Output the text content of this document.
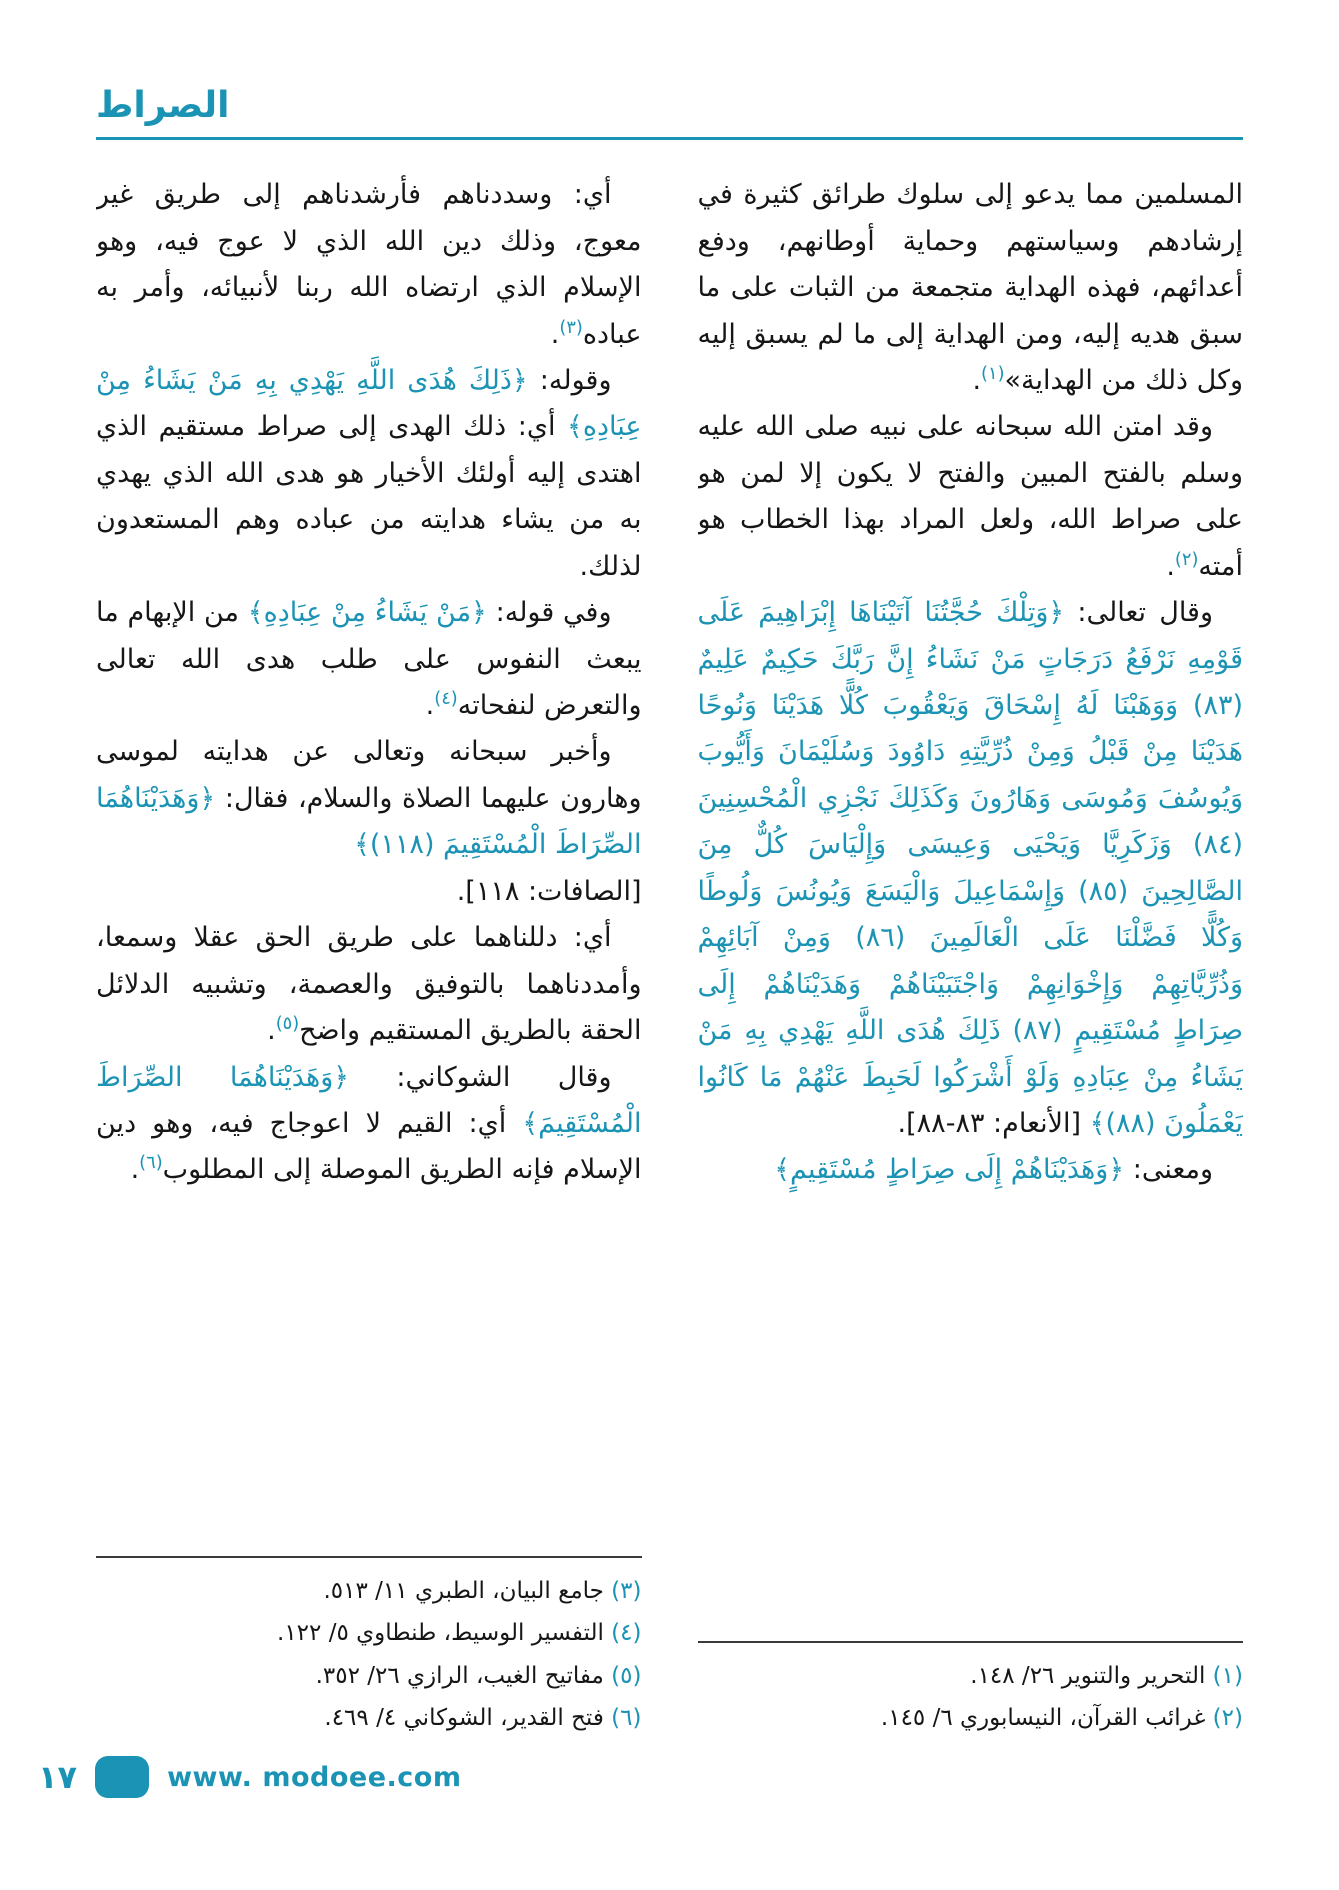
الصراط

المسلمين مما يدعو إلى سلوك طرائق كثيرة في إرشادهم وسياستهم وحماية أوطانهم، ودفع أعدائهم، فهذه الهداية متجمعة من الثبات على ما سبق هديه إليه، ومن الهداية إلى ما لم يسبق إليه وكل ذلك من الهداية»$^{(١)}$.

وقد امتن الله سبحانه على نبيه صلى الله عليه وسلم بالفتح المبين والفتح لا يكون إلا لمن هو على صراط الله، ولعل المراد بهذا الخطاب هو أمته$^{(٢)}$.

وقال تعالى: ﴿وَتِلْكَ حُجَّتُنَا آتَيْنَاهَا إِبْرَاهِيمَ عَلَى قَوْمِهِ نَرْفَعُ دَرَجَاتٍ مَنْ نَشَاءُ إِنَّ رَبَّكَ حَكِيمٌ عَلِيمٌ (٨٣) وَوَهَبْنَا لَهُ إِسْحَاقَ وَيَعْقُوبَ كُلًّا هَدَيْنَا وَنُوحًا هَدَيْنَا مِنْ قَبْلُ وَمِنْ ذُرِّيَّتِهِ دَاوُودَ وَسُلَيْمَانَ وَأَيُّوبَ وَيُوسُفَ وَمُوسَى وَهَارُونَ وَكَذَلِكَ نَجْزِي الْمُحْسِنِينَ (٨٤) وَزَكَرِيَّا وَيَحْيَى وَعِيسَى وَإِلْيَاسَ كُلٌّ مِنَ الصَّالِحِينَ (٨٥) وَإِسْمَاعِيلَ وَالْيَسَعَ وَيُونُسَ وَلُوطًا وَكُلًّا فَضَّلْنَا عَلَى الْعَالَمِينَ (٨٦) وَمِنْ آبَائِهِمْ وَذُرِّيَّاتِهِمْ وَإِخْوَانِهِمْ وَاجْتَبَيْنَاهُمْ وَهَدَيْنَاهُمْ إِلَى صِرَاطٍ مُسْتَقِيمٍ (٨٧) ذَلِكَ هُدَى اللَّهِ يَهْدِي بِهِ مَنْ يَشَاءُ مِنْ عِبَادِهِ وَلَوْ أَشْرَكُوا لَحَبِطَ عَنْهُمْ مَا كَانُوا يَعْمَلُونَ (٨٨)﴾ [الأنعام: ٨٣-٨٨].

ومعنى: ﴿وَهَدَيْنَاهُمْ إِلَى صِرَاطٍ مُسْتَقِيمٍ﴾

(١) التحرير والتنوير ٢٦/ ١٤٨.
(٢) غرائب القرآن، النيسابوري ٦/ ١٤٥.

أي: وسددناهم فأرشدناهم إلى طريق غير معوج، وذلك دين الله الذي لا عوج فيه، وهو الإسلام الذي ارتضاه الله ربنا لأنبيائه، وأمر به عباده$^{(٣)}$.

وقوله: ﴿ذَلِكَ هُدَى اللَّهِ يَهْدِي بِهِ مَنْ يَشَاءُ مِنْ عِبَادِهِ﴾ أي: ذلك الهدى إلى صراط مستقيم الذي اهتدى إليه أولئك الأخيار هو هدى الله الذي يهدي به من يشاء هدايته من عباده وهم المستعدون لذلك.

وفي قوله: ﴿مَنْ يَشَاءُ مِنْ عِبَادِهِ﴾ من الإبهام ما يبعث النفوس على طلب هدى الله تعالى والتعرض لنفحاته$^{(٤)}$.

وأخبر سبحانه وتعالى عن هدايته لموسى وهارون عليهما الصلاة والسلام، فقال: ﴿وَهَدَيْنَاهُمَا الصِّرَاطَ الْمُسْتَقِيمَ (١١٨)﴾

[الصافات: ١١٨].

أي: دللناهما على طريق الحق عقلا وسمعا، وأمددناهما بالتوفيق والعصمة، وتشبيه الدلائل الحقة بالطريق المستقيم واضح$^{(٥)}$.

وقال الشوكاني: ﴿وَهَدَيْنَاهُمَا الصِّرَاطَ الْمُسْتَقِيمَ﴾ أي: القيم لا اعوجاج فيه، وهو دين الإسلام فإنه الطريق الموصلة إلى المطلوب$^{(٦)}$.

(٣) جامع البيان، الطبري ١١/ ٥١٣.
(٤) التفسير الوسيط، طنطاوي ٥/ ١٢٢.
(٥) مفاتيح الغيب، الرازي ٢٦/ ٣٥٢.
(٦) فتح القدير، الشوكاني ٤/ ٤٦٩.
١٧	www. modoee.com
